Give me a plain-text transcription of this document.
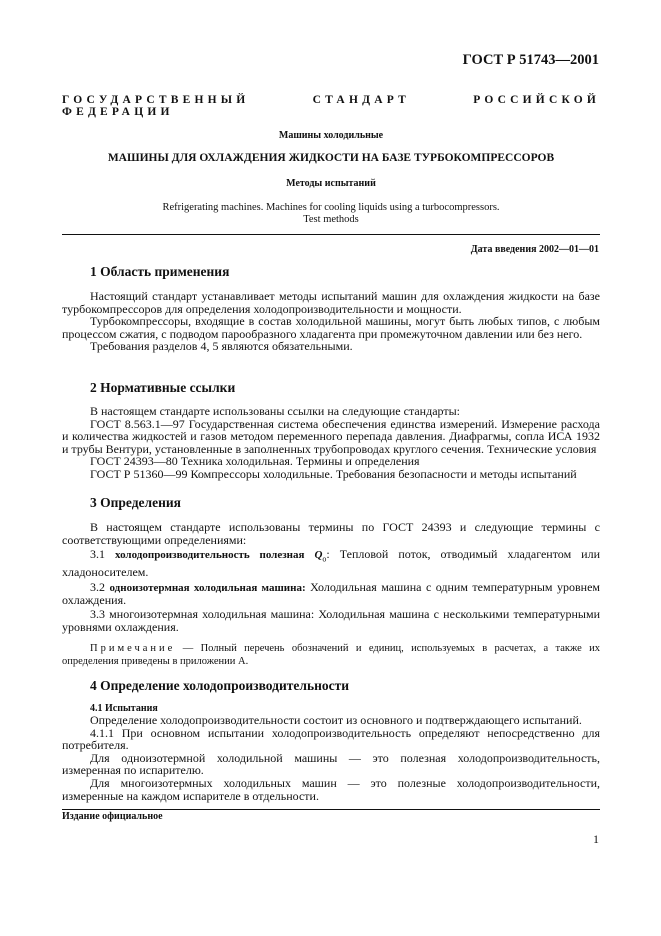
ГОСТ Р 51743—2001
ГОСУДАРСТВЕННЫЙ СТАНДАРТ РОССИЙСКОЙ ФЕДЕРАЦИИ
Машины холодильные
МАШИНЫ ДЛЯ ОХЛАЖДЕНИЯ ЖИДКОСТИ НА БАЗЕ ТУРБОКОМПРЕССОРОВ
Методы испытаний
Refrigerating machines. Machines for cooling liquids using a turbocompressors.
Test methods
Дата введения 2002—01—01
1 Область применения

Настоящий стандарт устанавливает методы испытаний машин для охлаждения жидкости на базе турбокомпрессоров для определения холодопроизводительности и мощности.

Турбокомпрессоры, входящие в состав холодильной машины, могут быть любых типов, с любым процессом сжатия, с подводом парообразного хладагента при промежуточном давлении или без него.

Требования разделов 4, 5 являются обязательными.

2 Нормативные ссылки

В настоящем стандарте использованы ссылки на следующие стандарты:

ГОСТ 8.563.1—97 Государственная система обеспечения единства измерений. Измерение расхода и количества жидкостей и газов методом переменного перепада давления. Диафрагмы, сопла ИСА 1932 и трубы Вентури, установленные в заполненных трубопроводах круглого сечения. Технические условия

ГОСТ 24393—80 Техника холодильная. Термины и определения

ГОСТ Р 51360—99 Компрессоры холодильные. Требования безопасности и методы испытаний

3 Определения

В настоящем стандарте использованы термины по ГОСТ 24393 и следующие термины с соответствующими определениями:

3.1 холодопроизводительность полезная $Q_о$: Тепловой поток, отводимый хладагентом или хладоносителем.

3.2 одноизотермная холодильная машина: Холодильная машина с одним температурным уровнем охлаждения.

3.3 многоизотермная холодильная машина: Холодильная машина с несколькими температурными уровнями охлаждения.

Примечание — Полный перечень обозначений и единиц, используемых в расчетах, а также их определения приведены в приложении А.

4 Определение холодопроизводительности
4.1 Испытания

Определение холодопроизводительности состоит из основного и подтверждающего испытаний.

4.1.1 При основном испытании холодопроизводительность определяют непосредственно для потребителя.

Для одноизотермной холодильной машины — это полезная холодопроизводительность, измеренная по испарителю.

Для многоизотермных холодильных машин — это полезные холодопроизводительности, измеренные на каждом испарителе в отдельности.

Издание официальное
1
